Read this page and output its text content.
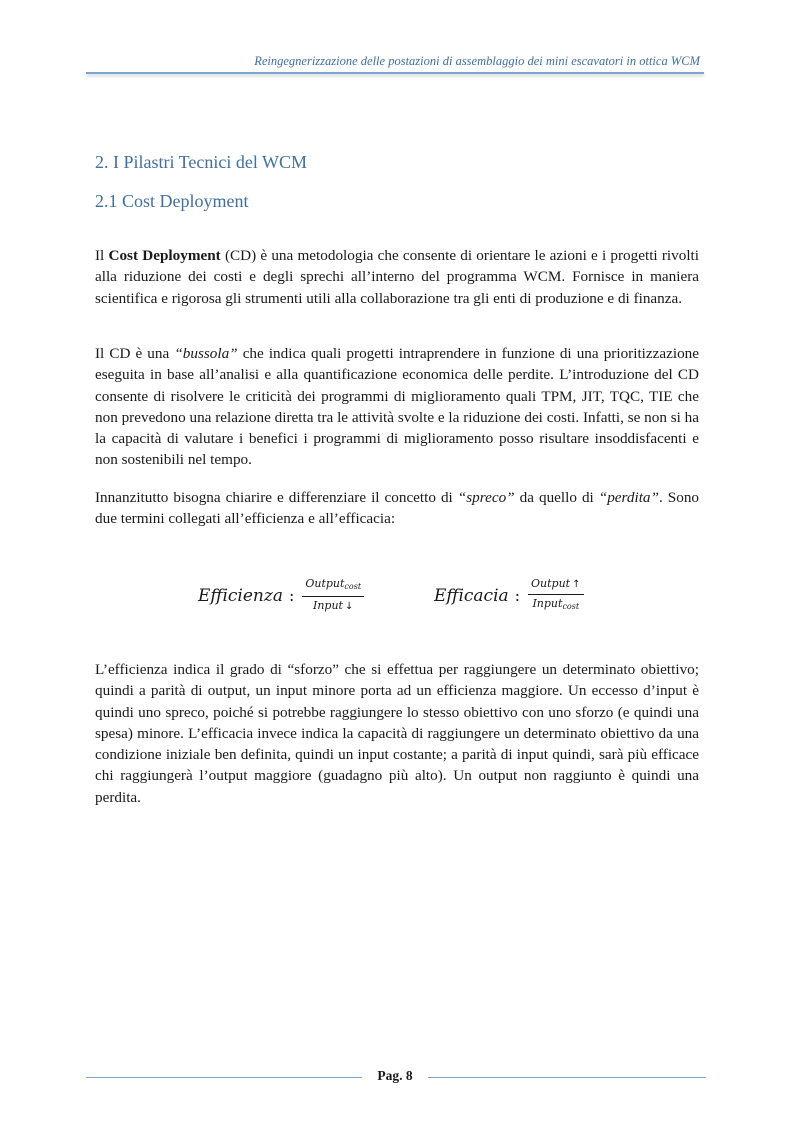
Reingegnerizzazione delle postazioni di assemblaggio dei mini escavatori in ottica WCM
2. I Pilastri Tecnici del WCM
2.1 Cost Deployment

Il Cost Deployment (CD) è una metodologia che consente di orientare le azioni e i progetti rivolti alla riduzione dei costi e degli sprechi all’interno del programma WCM. Fornisce in maniera scientifica e rigorosa gli strumenti utili alla collaborazione tra gli enti di produzione e di finanza.

Il CD è una “bussola” che indica quali progetti intraprendere in funzione di una prioritizzazione eseguita in base all’analisi e alla quantificazione economica delle perdite. L’introduzione del CD consente di risolvere le criticità dei programmi di miglioramento quali TPM, JIT, TQC, TIE che non prevedono una relazione diretta tra le attività svolte e la riduzione dei costi. Infatti, se non si ha la capacità di valutare i benefici i programmi di miglioramento posso risultare insoddisfacenti e non sostenibili nel tempo.

Innanzitutto bisogna chiarire e differenziare il concetto di “spreco” da quello di “perdita”. Sono due termini collegati all’efficienza e all’efficacia:

Efficienza : $\frac{Output_{cost}}{\text{Input ↓}}$	Efficacia : $\frac{\text{Output ↑}}{Input_{cost}}$

L’efficienza indica il grado di “sforzo” che si effettua per raggiungere un determinato obiettivo; quindi a parità di output, un input minore porta ad un efficienza maggiore. Un eccesso d’input è quindi uno spreco, poiché si potrebbe raggiungere lo stesso obiettivo con uno sforzo (e quindi una spesa) minore. L’efficacia invece indica la capacità di raggiungere un determinato obiettivo da una condizione iniziale ben definita, quindi un input costante; a parità di input quindi, sarà più efficace chi raggiungerà l’output maggiore (guadagno più alto). Un output non raggiunto è quindi una perdita.

Pag. 8
